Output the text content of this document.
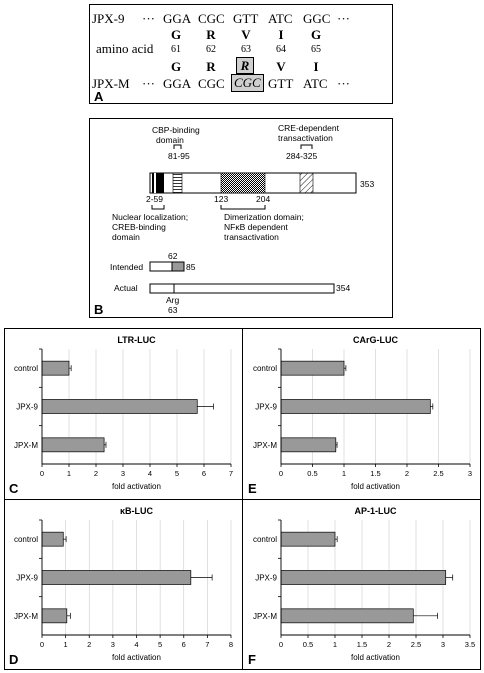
JPX-9 ··· GGA CGC GTT ATC GGC ···
G	R	V	I	G
amino acid	61	62	63	64	65
G	R	R	V	I
JPX-M ··· GGA CGC CGC GTT ATC ···
A
CBP-binding
domain
81-95
CRE-dependent
transactivation
284-325
353
2-59	123	204
Nuclear localization;
CREB-binding
domain
Dimerization domain;
NFκB dependent
transactivation
62
Intended	85
Actual	354
Arg
63
B
LTR-LUC
0	1	2	3	4	5	6	7
control
JPX-9
JPX-M
fold activation
C
CArG-LUC
0	0.5	1	1.5	2	2.5	3
control
JPX-9
JPX-M
fold activation
E
κB-LUC
0	1	2	3	4	5	6	7	8
control
JPX-9
JPX-M
fold activation
D
AP-1-LUC
0	0.5	1	1.5	2	2.5	3	3.5
control
JPX-9
JPX-M
fold activation
F
